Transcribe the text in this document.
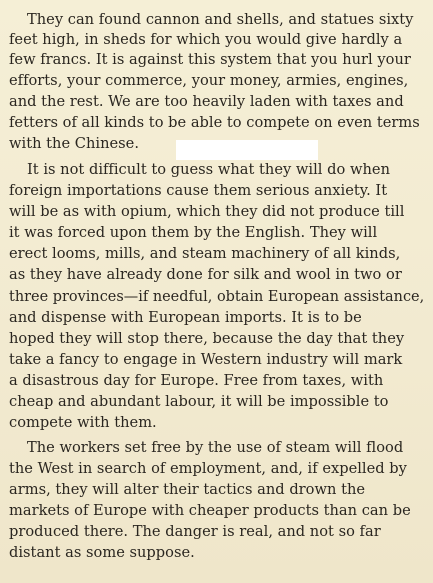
They can found cannon and shells, and statues sixty
feet high, in sheds for which you would give hardly a
few francs. It is against this system that you hurl your
efforts, your commerce, your money, armies, engines,
and the rest. We are too heavily laden with taxes and
fetters of all kinds to be able to compete on even terms
with the Chinese.
It is not difficult to guess what they will do when
foreign importations cause them serious anxiety. It
will be as with opium, which they did not produce till
it was forced upon them by the English. They will
erect looms, mills, and steam machinery of all kinds,
as they have already done for silk and wool in two or
three provinces—if needful, obtain European assistance,
and dispense with European imports. It is to be
hoped they will stop there, because the day that they
take a fancy to engage in Western industry will mark
a disastrous day for Europe. Free from taxes, with
cheap and abundant labour, it will be impossible to
compete with them.
The workers set free by the use of steam will flood
the West in search of employment, and, if expelled by
arms, they will alter their tactics and drown the
markets of Europe with cheaper products than can be
produced there. The danger is real, and not so far
distant as some suppose.
